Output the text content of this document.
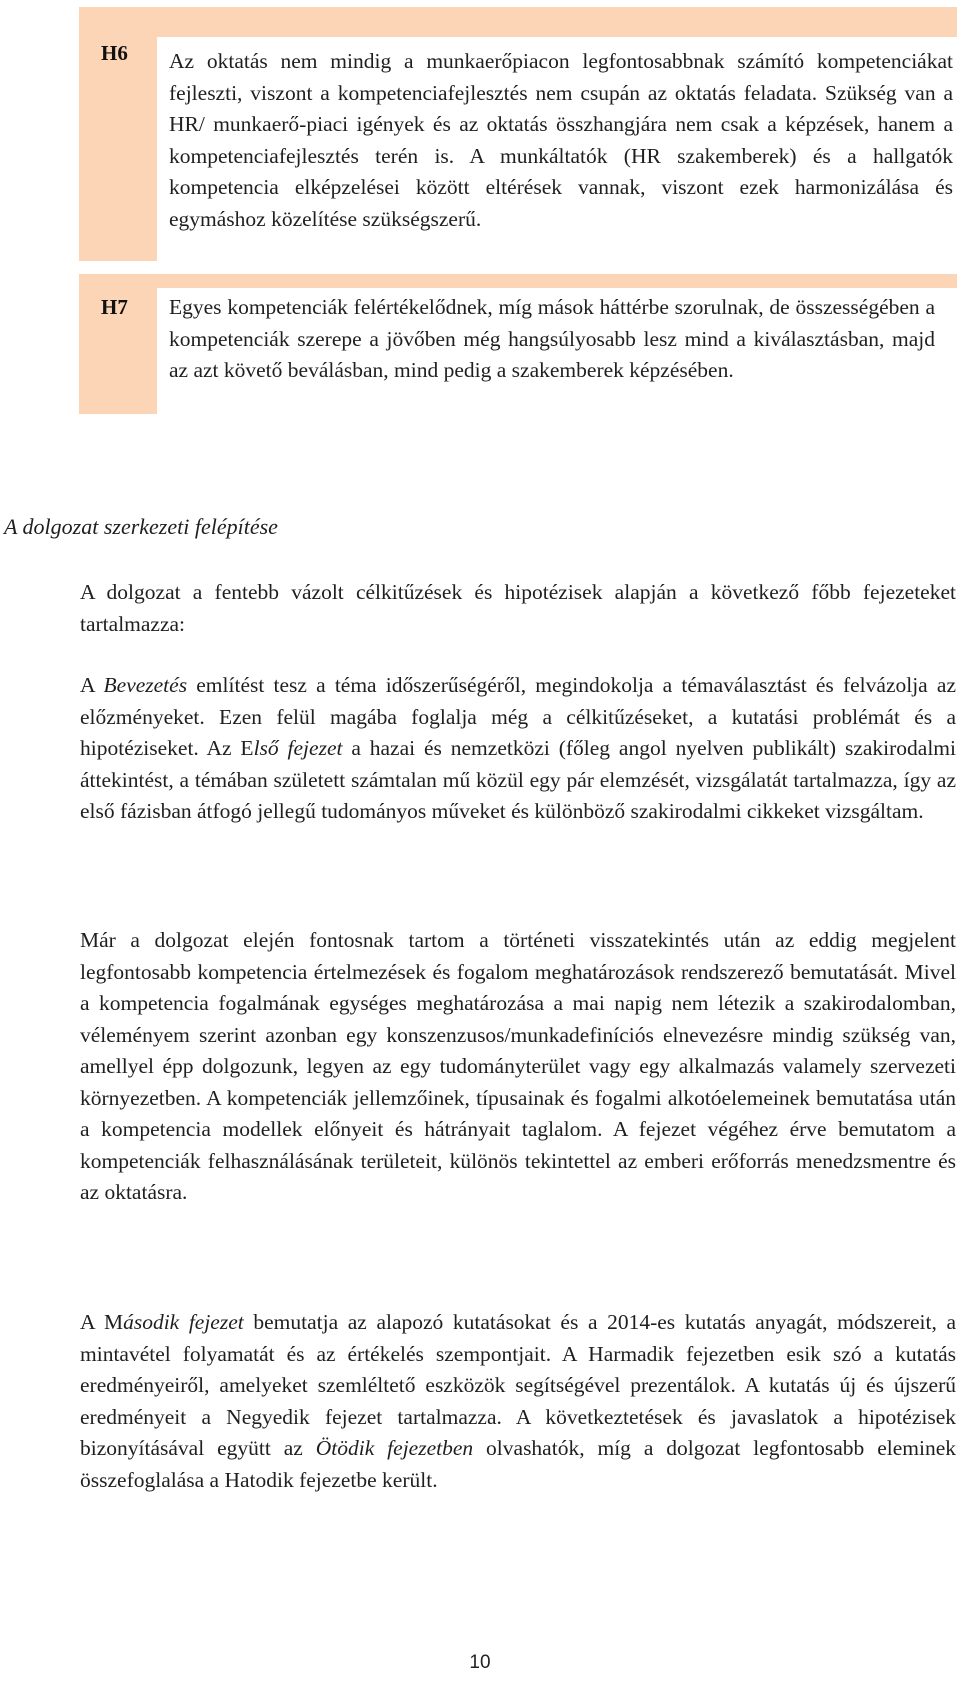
H6	Az oktatás nem mindig a munkaerőpiacon legfontosabbnak számító kompetenciákat fejleszti, viszont a kompetenciafejlesztés nem csupán az oktatás feladata. Szükség van a HR/ munkaerő-piaci igények és az oktatás összhangjára nem csak a képzések, hanem a kompetenciafejlesztés terén is. A munkáltatók (HR szakemberek) és a hallgatók kompetencia elképzelései között eltérések vannak, viszont ezek harmonizálása és egymáshoz közelítése szükségszerű.
H7	Egyes kompetenciák felértékelődnek, míg mások háttérbe szorulnak, de összességében a kompetenciák szerepe a jövőben még hangsúlyosabb lesz mind a kiválasztásban, majd az azt követő beválásban, mind pedig a szakemberek képzésében.
A dolgozat szerkezeti felépítése

A dolgozat a fentebb vázolt célkitűzések és hipotézisek alapján a következő főbb fejezeteket tartalmazza:

A Bevezetés említést tesz a téma időszerűségéről, megindokolja a témaválasztást és felvázolja az előzményeket. Ezen felül magába foglalja még a célkitűzéseket, a kutatási problémát és a hipotéziseket. Az Első fejezet a hazai és nemzetközi (főleg angol nyelven publikált) szakirodalmi áttekintést, a témában született számtalan mű közül egy pár elemzését, vizsgálatát tartalmazza, így az első fázisban átfogó jellegű tudományos műveket és különböző szakirodalmi cikkeket vizsgáltam.

Már a dolgozat elején fontosnak tartom a történeti visszatekintés után az eddig megjelent legfontosabb kompetencia értelmezések és fogalom meghatározások rendszerező bemutatását. Mivel a kompetencia fogalmának egységes meghatározása a mai napig nem létezik a szakirodalomban, véleményem szerint azonban egy konszenzusos/munkadefiníciós elnevezésre mindig szükség van, amellyel épp dolgozunk, legyen az egy tudományterület vagy egy alkalmazás valamely szervezeti környezetben. A kompetenciák jellemzőinek, típusainak és fogalmi alkotóelemeinek bemutatása után a kompetencia modellek előnyeit és hátrányait taglalom. A fejezet végéhez érve bemutatom a kompetenciák felhasználásának területeit, különös tekintettel az emberi erőforrás menedzsmentre és az oktatásra.

A Második fejezet bemutatja az alapozó kutatásokat és a 2014-es kutatás anyagát, módszereit, a mintavétel folyamatát és az értékelés szempontjait. A Harmadik fejezetben esik szó a kutatás eredményeiről, amelyeket szemléltető eszközök segítségével prezentálok. A kutatás új és újszerű eredményeit a Negyedik fejezet tartalmazza. A következtetések és javaslatok a hipotézisek bizonyításával együtt az Ötödik fejezetben olvashatók, míg a dolgozat legfontosabb eleminek összefoglalása a Hatodik fejezetbe került.

10
